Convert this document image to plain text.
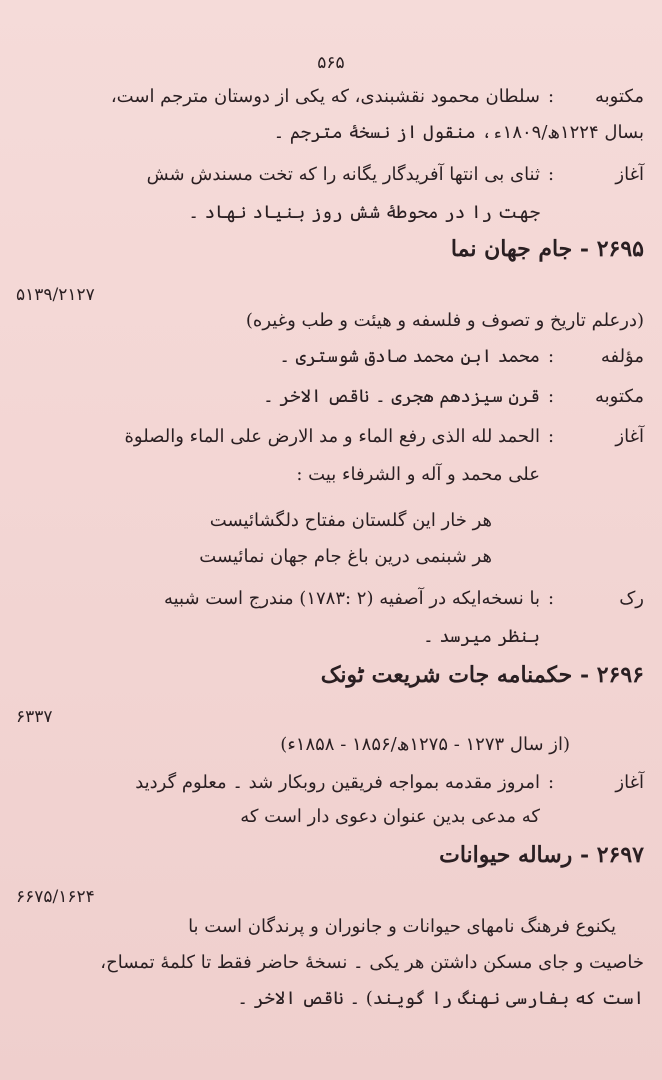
۵۶۵
مکتوبه:سلطان محمود نقشبندی، که یکی از دوستان مترجم است،
بسال ۱۲۲۴ھ/۱۸۰۹ء، منقول از نسخهٔ مترجم ۔
آغاز:ثنای بی انتها آفریدگار یگانه را که تخت مسندش شش
جهت را در محوطهٔ شش روز بنیاد نهاد ۔
۲۶۹۵ - جام جهان نما
۵۱۳۹/۲۱۲۷
(درعلم تاریخ و تصوف و فلسفه و هیئت و طب وغیره)
مؤلفه:محمد ابن محمد صادق شوستری ۔
مکتوبه:قرن سیزدهم هجری ۔ ناقص الاخر ۔
آغاز:الحمد لله الذی رفع الماء و مد الارض علی الماء والصلوة
علی محمد و آله و الشرفاء بیت :
هر خار این گلستان مفتاح دلگشائیست
هر شبنمی درین باغ جام جهان نمائیست
رک:با نسخه‌ایکه در آصفیه (۲ :۱۷۸۳) مندرج است شبیه
بنظر میرسد ۔
۲۶۹۶ - حکمنامه جات شریعت ٹونک
۶۳۳۷
(از سال ۱۲۷۳ - ۱۲۷۵ھ/۱۸۵۶ - ۱۸۵۸ء)
آغاز:امروز مقدمه بمواجه فریقین روبکار شد ۔ معلوم گردید
که مدعی بدین عنوان دعوی دار است که
۲۶۹۷ - رساله حیوانات
۶۶۷۵/۱۶۲۴
یکنوع فرهنگ نامهای حیوانات و جانوران و پرندگان است با
خاصیت و جای مسکن داشتن هر یکی ۔ نسخهٔ حاضر فقط تا کلمهٔ تمساح،
است که بفارسی نهنگ را گویند) ۔ ناقص الاخر ۔
